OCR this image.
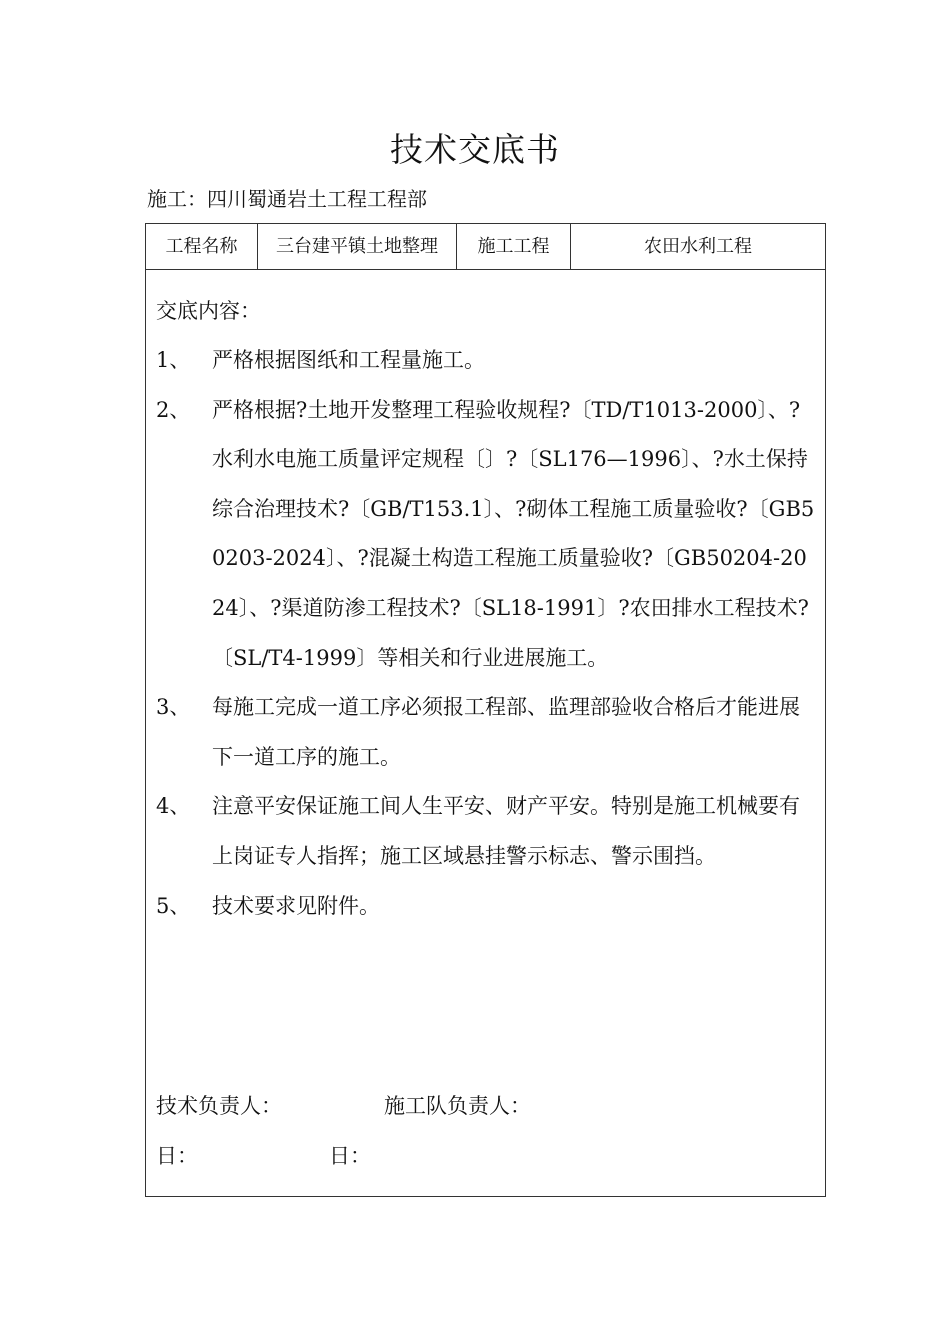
技术交底书
施工：四川蜀通岩土工程工程部
工程名称	三台建平镇土地整理	施工工程	农田水利工程
交底内容：
1、	严格根据图纸和工程量施工。
2、	严格根据?土地开发整理工程验收规程?〔TD/T1013-2000〕、?水利水电施工质量评定规程〔〕?〔SL176—1996〕、?水土保持综合治理技术?〔GB/T153.1〕、?砌体工程施工质量验收?〔GB50203-2024〕、?混凝土构造工程施工质量验收?〔GB50204-2024〕、?渠道防渗工程技术?〔SL18-1991〕?农田排水工程技术?〔SL/T4-1999〕等相关和行业进展施工。
3、	每施工完成一道工序必须报工程部、监理部验收合格后才能进展下一道工序的施工。
4、	注意平安保证施工间人生平安、财产平安。特别是施工机械要有上岗证专人指挥；施工区域悬挂警示标志、警示围挡。
5、	技术要求见附件。
技术负责人：	施工队负责人：
日：	日：
